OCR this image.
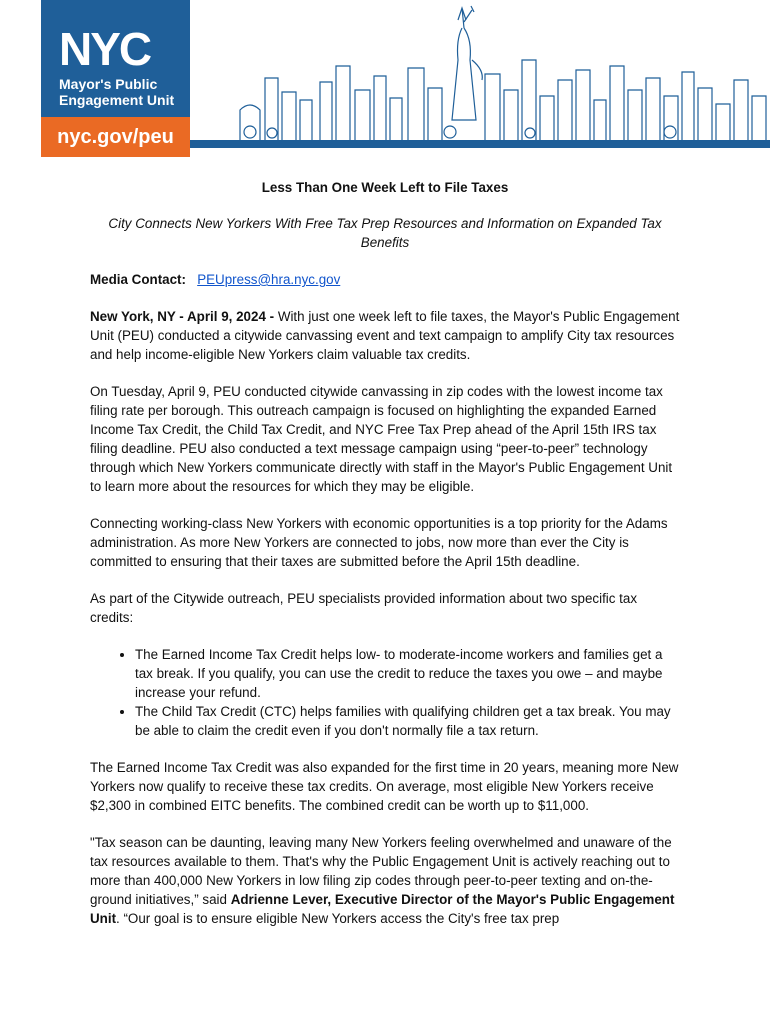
NYC
Mayor's Public
Engagement Unit
nyc.gov/peu
Less Than One Week Left to File Taxes
City Connects New Yorkers With Free Tax Prep Resources and Information on Expanded Tax Benefits

Media Contact: PEUpress@hra.nyc.gov

New York, NY - April 9, 2024 - With just one week left to file taxes, the Mayor's Public Engagement Unit (PEU) conducted a citywide canvassing event and text campaign to amplify City tax resources and help income-eligible New Yorkers claim valuable tax credits.

On Tuesday, April 9, PEU conducted citywide canvassing in zip codes with the lowest income tax filing rate per borough. This outreach campaign is focused on highlighting the expanded Earned Income Tax Credit, the Child Tax Credit, and NYC Free Tax Prep ahead of the April 15th IRS tax filing deadline. PEU also conducted a text message campaign using “peer-to-peer” technology through which New Yorkers communicate directly with staff in the Mayor's Public Engagement Unit to learn more about the resources for which they may be eligible.

Connecting working-class New Yorkers with economic opportunities is a top priority for the Adams administration. As more New Yorkers are connected to jobs, now more than ever the City is committed to ensuring that their taxes are submitted before the April 15th deadline.

As part of the Citywide outreach, PEU specialists provided information about two specific tax credits:

• The Earned Income Tax Credit helps low- to moderate-income workers and families get a tax break. If you qualify, you can use the credit to reduce the taxes you owe – and maybe increase your refund.
• The Child Tax Credit (CTC) helps families with qualifying children get a tax break. You may be able to claim the credit even if you don't normally file a tax return.

The Earned Income Tax Credit was also expanded for the first time in 20 years, meaning more New Yorkers now qualify to receive these tax credits. On average, most eligible New Yorkers receive $2,300 in combined EITC benefits. The combined credit can be worth up to $11,000.

"Tax season can be daunting, leaving many New Yorkers feeling overwhelmed and unaware of the tax resources available to them. That's why the Public Engagement Unit is actively reaching out to more than 400,000 New Yorkers in low filing zip codes through peer-to-peer texting and on-the-ground initiatives,” said Adrienne Lever, Executive Director of the Mayor's Public Engagement Unit. “Our goal is to ensure eligible New Yorkers access the City's free tax prep
